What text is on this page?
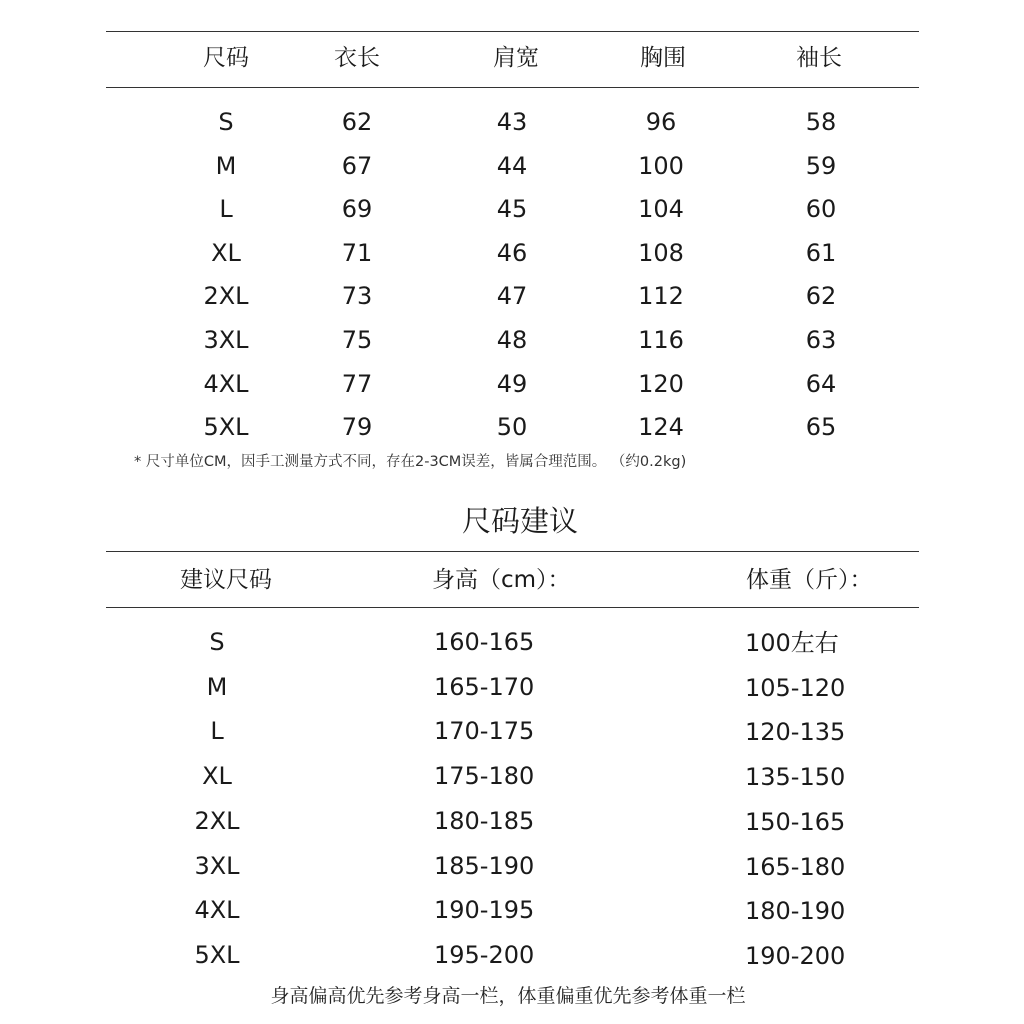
尺码	衣长	肩宽	胸围	袖长
S	62	43	96	58
M	67	44	100	59
L	69	45	104	60
XL	71	46	108	61
2XL	73	47	112	62
3XL	75	48	116	63
4XL	77	49	120	64
5XL	79	50	124	65
* 尺寸单位CM，因手工测量方式不同，存在2-3CM误差，皆属合理范围。 （约0.2kg)
尺码建议
建议尺码	身高（cm）：	体重（斤）：
S	160-165	100左右
M	165-170	105-120
L	170-175	120-135
XL	175-180	135-150
2XL	180-185	150-165
3XL	185-190	165-180
4XL	190-195	180-190
5XL	195-200	190-200
身高偏高优先参考身高一栏，体重偏重优先参考体重一栏
